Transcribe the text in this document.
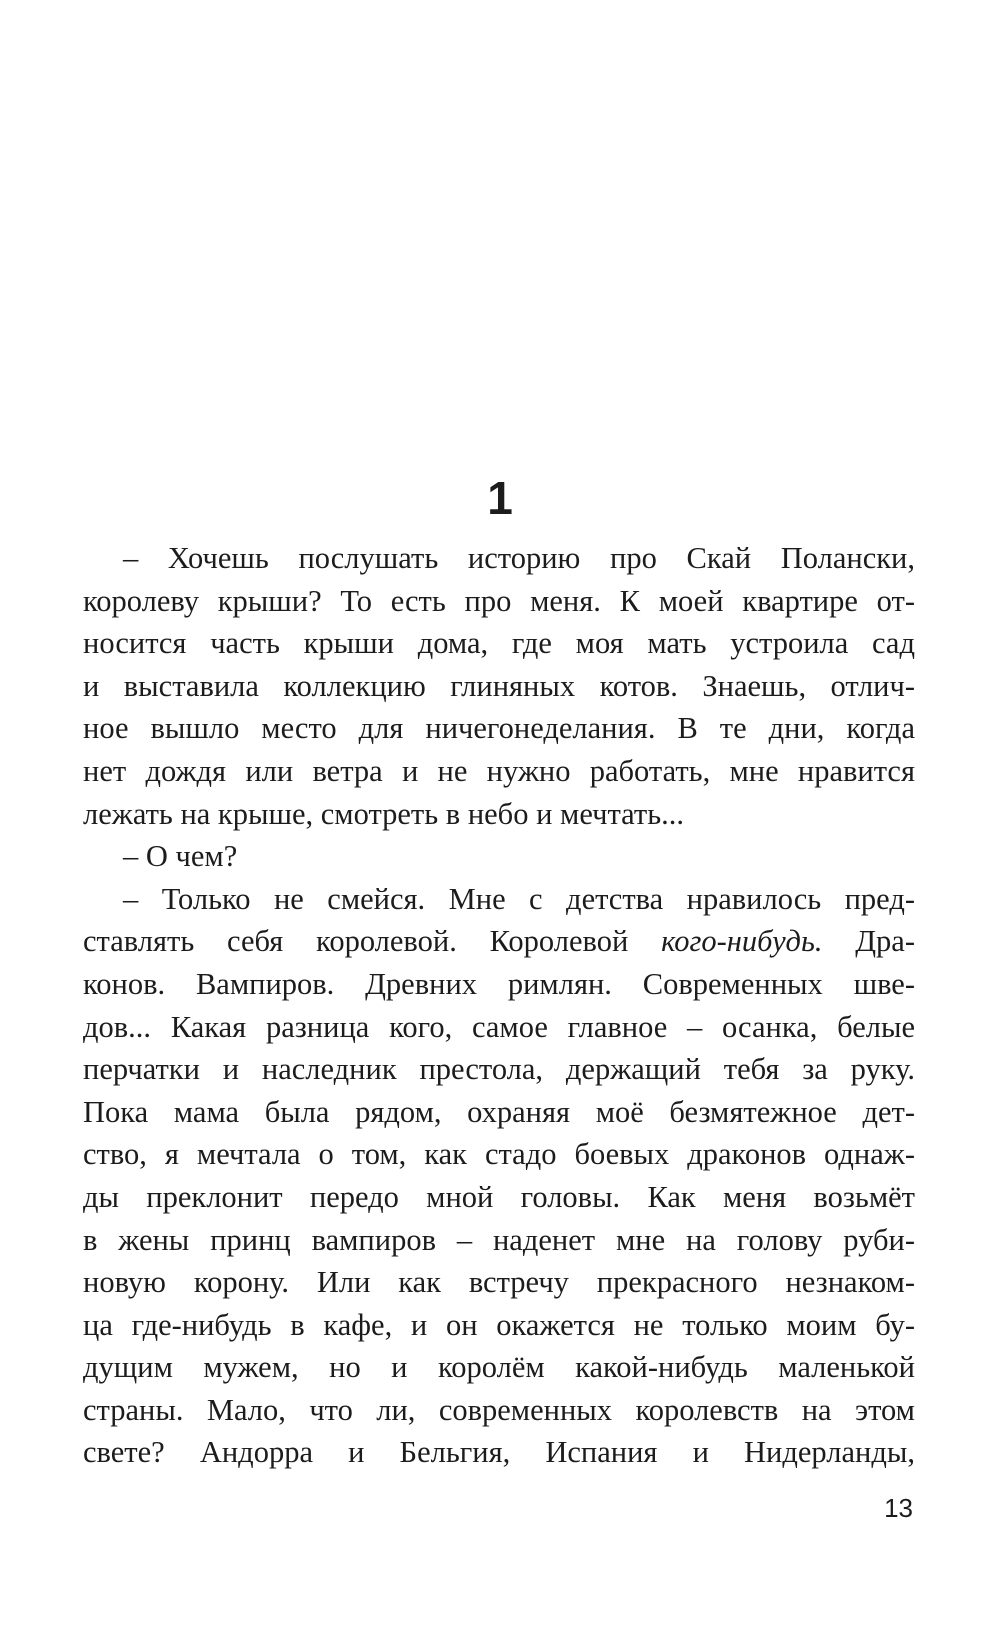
1
– Хочешь послушать историю про Скай Полански,
королеву крыши? То есть про меня. К моей квартире от-
носится часть крыши дома, где моя мать устроила сад
и выставила коллекцию глиняных котов. Знаешь, отлич-
ное вышло место для ничегонеделания. В те дни, когда
нет дождя или ветра и не нужно работать, мне нравится
лежать на крыше, смотреть в небо и мечтать...
– О чем?
– Только не смейся. Мне с детства нравилось пред-
ставлять себя королевой. Королевой кого-нибудь. Дра-
конов. Вампиров. Древних римлян. Современных шве-
дов... Какая разница кого, самое главное – осанка, белые
перчатки и наследник престола, держащий тебя за руку.
Пока мама была рядом, охраняя моё безмятежное дет-
ство, я мечтала о том, как стадо боевых драконов однаж-
ды преклонит передо мной головы. Как меня возьмёт
в жены принц вампиров – наденет мне на голову руби-
новую корону. Или как встречу прекрасного незнаком-
ца где-нибудь в кафе, и он окажется не только моим бу-
дущим мужем, но и королём какой-нибудь маленькой
страны. Мало, что ли, современных королевств на этом
свете? Андорра и Бельгия, Испания и Нидерланды,
13
